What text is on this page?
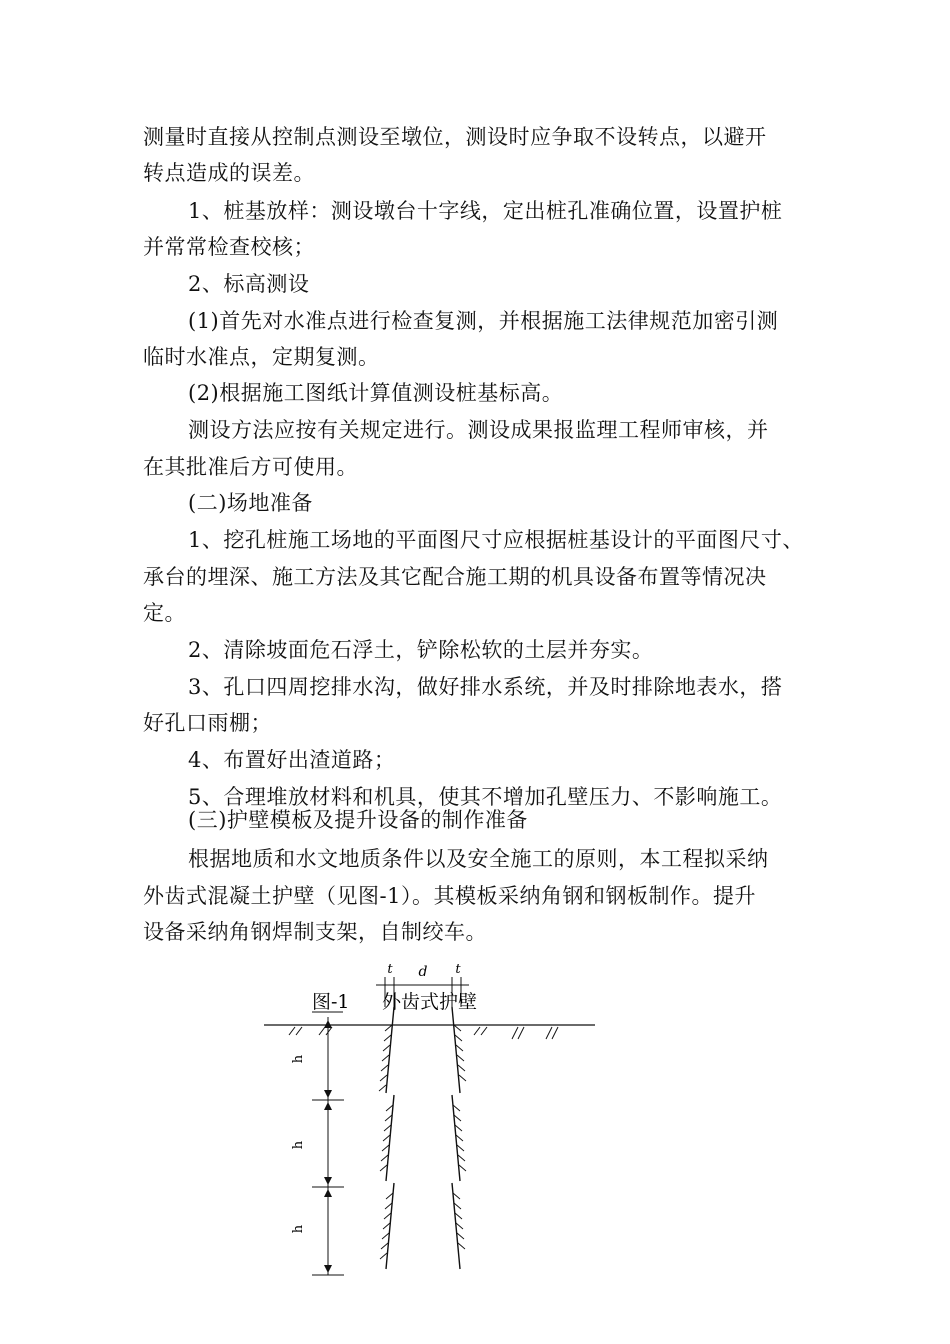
测量时直接从控制点测设至墩位，测设时应争取不设转点，以避开
转点造成的误差。
1、桩基放样：测设墩台十字线，定出桩孔准确位置，设置护桩
并常常检查校核；
2、标高测设
(1)首先对水准点进行检查复测，并根据施工法律规范加密引测
临时水准点，定期复测。
(2)根据施工图纸计算值测设桩基标高。
测设方法应按有关规定进行。测设成果报监理工程师审核，并
在其批准后方可使用。
(二)场地准备
1、挖孔桩施工场地的平面图尺寸应根据桩基设计的平面图尺寸、
承台的埋深、施工方法及其它配合施工期的机具设备布置等情况决
定。
2、清除坡面危石浮土，铲除松软的土层并夯实。
3、孔口四周挖排水沟，做好排水系统，并及时排除地表水，搭
好孔口雨棚；
4、布置好出渣道路；
5、合理堆放材料和机具，使其不增加孔壁压力、不影响施工。
(三)护壁模板及提升设备的制作准备
根据地质和水文地质条件以及安全施工的原则，本工程拟采纳
外齿式混凝土护壁（见图-1）。其模板采纳角钢和钢板制作。提升
设备采纳角钢焊制支架，自制绞车。
t d t
图-1 外齿式护壁
h
h
h
